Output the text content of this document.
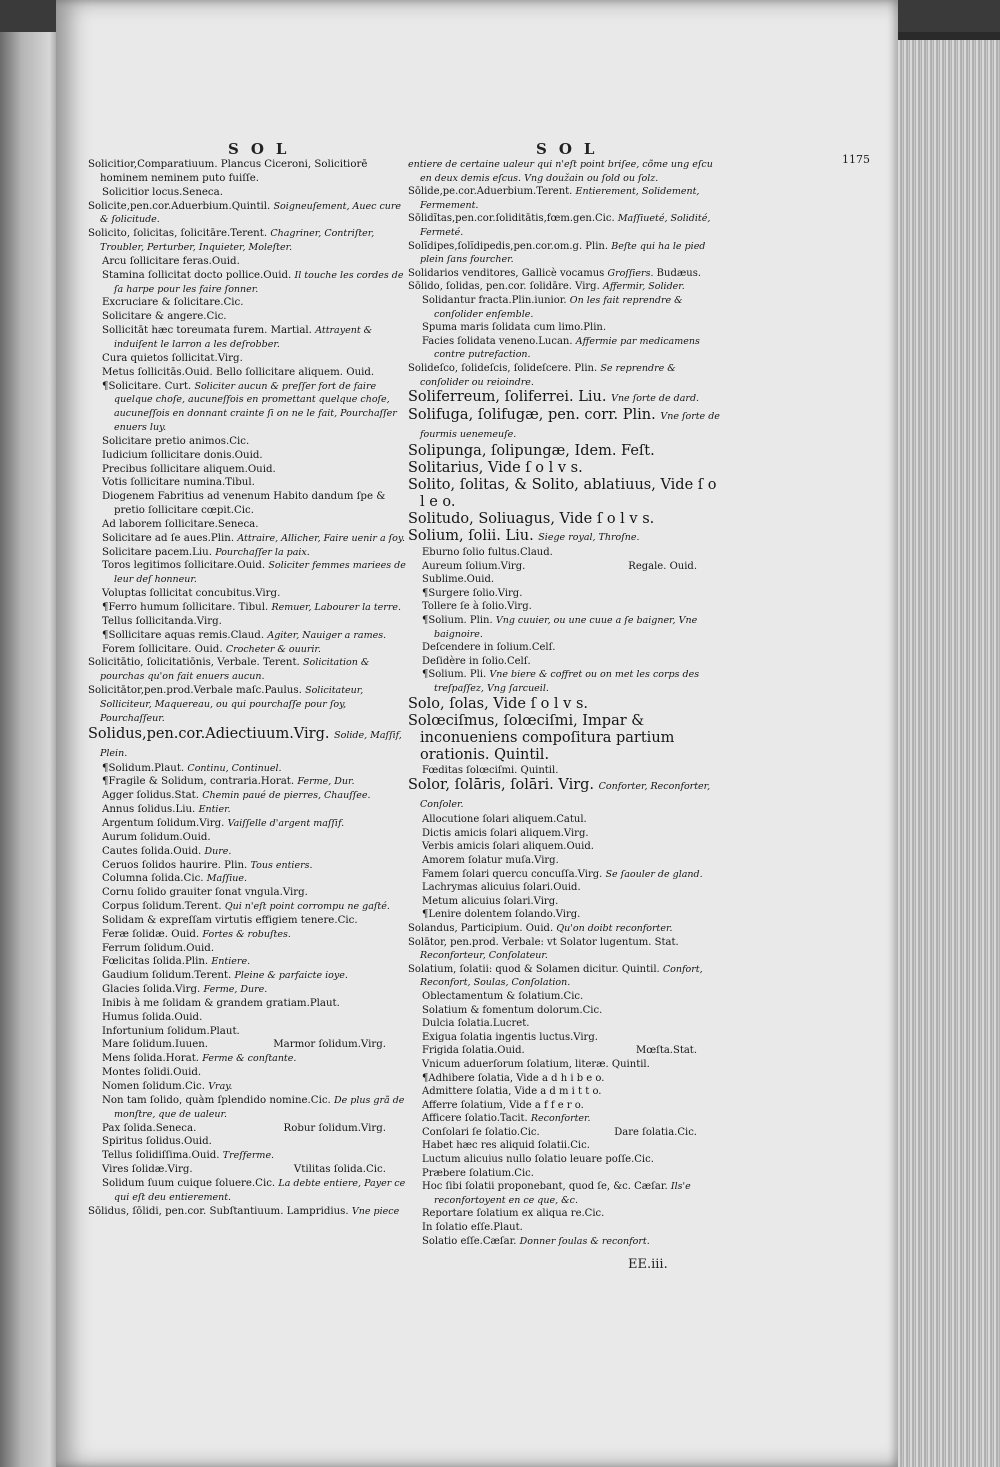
SOL	SOL
1175

Solicitior,Comparatiuum. Plancus Ciceroni, Solicitiorē hominem neminem puto fuiſſe.

Solicitior locus.Seneca.

Solicite,pen.cor.Aduerbium.Quintil. Soigneuſement, Auec cure & ſolicitude.

Solicito, ſolicitas, ſolicitāre.Terent. Chagriner, Contriſter, Troubler, Perturber, Inquieter, Moleſter.

Arcu ſollicitare feras.Ouid.

Stamina ſollicitat docto pollice.Ouid. Il touche les cordes de ſa harpe pour les faire ſonner.

Excruciare & ſolicitare.Cic.

Solicitare & angere.Cic.

Sollicitāt hæc toreumata furem. Martial. Attrayent & induiſent le larron a les deſrobber.

Cura quietos ſollicitat.Virg.

Metus ſollicitās.Ouid. Bello ſollicitare aliquem. Ouid.

¶Solicitare. Curt. Soliciter aucun & preſſer fort de faire quelque choſe, aucuneſfois en promettant quelque choſe, aucuneſſois en donnant crainte ſi on ne le fait, Pourchaſſer enuers luy.

Solicitare pretio animos.Cic.

Iudicium ſollicitare donis.Ouid.

Precibus ſollicitare aliquem.Ouid.

Votis ſollicitare numina.Tibul.

Diogenem Fabritius ad venenum Habito dandum ſpe & pretio ſollicitare cœpit.Cic.

Ad laborem ſollicitare.Seneca.

Solicitare ad ſe aues.Plin. Attraire, Allicher, Faire uenir a ſoy.

Solicitare pacem.Liu. Pourchaſſer la paix.

Toros legitimos ſollicitare.Ouid. Soliciter femmes mariees de leur deſ honneur.

Voluptas ſollicitat concubitus.Virg.

¶Ferro humum ſollicitare. Tibul. Remuer, Labourer la terre.

Tellus ſollicitanda.Virg.

¶Sollicitare aquas remis.Claud. Agiter, Nauiger a rames.

Forem ſollicitare. Ouid. Crocheter & ouurir.

Solicitātio, ſolicitatiōnis, Verbale. Terent. Solicitation & pourchas qu'on fait enuers aucun.

Solicitātor,pen.prod.Verbale maſc.Paulus. Solicitateur, Solliciteur, Maquereau, ou qui pourchaſſe pour ſoy, Pourchaſſeur.

Solidus,pen.cor.Adiectiuum.Virg. Solide, Maſſif, Plein.

¶Solidum.Plaut. Continu, Continuel.

¶Fragile & Solidum, contraria.Horat. Ferme, Dur.

Agger ſolidus.Stat. Chemin paué de pierres, Chauſſee.

Annus ſolidus.Liu. Entier.

Argentum ſolidum.Virg. Vaiſſelle d'argent maſſif.

Aurum ſolidum.Ouid.

Cautes ſolida.Ouid. Dure.

Ceruos ſolidos haurire. Plin. Tous entiers.

Columna ſolida.Cic. Maſſiue.

Cornu ſolido grauiter ſonat vngula.Virg.

Corpus ſolidum.Terent. Qui n'eſt point corrompu ne gaſté.

Solidam & expreſſam virtutis effigiem tenere.Cic.

Feræ ſolidæ. Ouid. Fortes & robuſtes.

Ferrum ſolidum.Ouid.

Fœlicitas ſolida.Plin. Entiere.

Gaudium ſolidum.Terent. Pleine & parfaicte ioye.

Glacies ſolida.Virg. Ferme, Dure.

Inibis à me ſolidam & grandem gratiam.Plaut.

Humus ſolida.Ouid.

Infortunium ſolidum.Plaut.

Mare ſolidum.Iuuen.	Marmor ſolidum.Virg.

Mens ſolida.Horat. Ferme & conſtante.

Montes ſolidi.Ouid.

Nomen ſolidum.Cic. Vray.

Non tam ſolido, quàm ſplendido nomine.Cic. De plus grã de monſtre, que de ualeur.

Pax ſolida.Seneca.	Robur ſolidum.Virg.

Spiritus ſolidus.Ouid.

Tellus ſolidiſſima.Ouid. Treſferme.

Vires ſolidæ.Virg.	Vtilitas ſolida.Cic.

Solidum ſuum cuique ſoluere.Cic. La debte entiere, Payer ce qui eſt deu entierement.

Sōlidus, ſōlidi, pen.cor. Subſtantiuum. Lampridius. Vne piece

entiere de certaine ualeur qui n'eſt point briſee, cõme ung eſcu en deux demis eſcus. Vng doužain ou ſold ou ſolz.

Sōlide,pe.cor.Aduerbium.Terent. Entierement, Solidement, Fermement.

Sōlidĭtas,pen.cor.ſoliditātis,fœm.gen.Cic. Maſſiueté, Solidité, Fermeté.

Solĭdipes,ſolĭdipedis,pen.cor.om.g. Plin. Beſte qui ha le pied plein ſans fourcher.

Solidarios venditores, Gallicè vocamus Groſſiers. Budæus.

Sōlido, ſolidas, pen.cor. ſolidāre. Virg. Affermir, Solider.

Solidantur fracta.Plin.iunior. On les fait reprendre & conſolider enſemble.

Spuma maris ſolidata cum limo.Plin.

Facies ſolidata veneno.Lucan. Affermie par medicamens contre putrefaction.

Solideſco, ſolideſcis, ſolideſcere. Plin. Se reprendre & conſolider ou reioindre.

Soliferreum, ſoliferrei. Liu. Vne ſorte de dard.

Solifuga, ſolifugæ, pen. corr. Plin. Vne ſorte de fourmis uenemeuſe.

Solipunga, ſolipungæ, Idem. Feſt.

Solitarius, Vide ſ o l v s.

Solito, ſolitas, & Solito, ablatiuus, Vide ſ o l e o.

Solitudo, Soliuagus, Vide ſ o l v s.

Solium, ſolii. Liu. Siege royal, Throſne.

Eburno ſolio fultus.Claud.

Aureum ſolium.Virg.	Regale. Ouid.

Sublime.Ouid.

¶Surgere ſolio.Virg.

Tollere ſe à ſolio.Virg.

¶Solium. Plin. Vng cuuier, ou une cuue a ſe baigner, Vne baignoire.

Deſcendere in ſolium.Celſ.

Deſidère in ſolio.Celſ.

¶Solium. Pli. Vne biere & coffret ou on met les corps des treſpaſſez, Vng ſarcueil.

Solo, ſolas, Vide ſ o l v s.

Solœciſmus, ſolœciſmi, Impar & inconueniens compoſitura partium orationis. Quintil.

Fœditas ſolœciſmi. Quintil.

Solor, ſolāris, ſolāri. Virg. Conforter, Reconforter, Conſoler.

Allocutione ſolari aliquem.Catul.

Dictis amicis ſolari aliquem.Virg.

Verbis amicis ſolari aliquem.Ouid.

Amorem ſolatur muſa.Virg.

Famem ſolari quercu concuſſa.Virg. Se ſaouler de gland.

Lachrymas alicuius ſolari.Ouid.

Metum alicuius ſolari.Virg.

¶Lenire dolentem ſolando.Virg.

Solandus, Participium. Ouid. Qu'on doibt reconforter.

Solātor, pen.prod. Verbale: vt Solator lugentum. Stat. Reconforteur, Conſolateur.

Solatium, ſolatii: quod & Solamen dicitur. Quintil. Confort, Reconfort, Soulas, Conſolation.

Oblectamentum & ſolatium.Cic.

Solatium & fomentum dolorum.Cic.

Dulcia ſolatia.Lucret.

Exigua ſolatia ingentis luctus.Virg.

Frigida ſolatia.Ouid.	Mœſta.Stat.

Vnicum aduerſorum ſolatium, literæ. Quintil.

¶Adhibere ſolatia, Vide a d h i b e o.

Admittere ſolatia, Vide a d m i t t o.

Afferre ſolatium, Vide a f f e r o.

Afficere ſolatio.Tacit. Reconforter.

Conſolari ſe ſolatio.Cic.	Dare ſolatia.Cic.

Habet hæc res aliquid ſolatii.Cic.

Luctum alicuius nullo ſolatio leuare poſſe.Cic.

Præbere ſolatium.Cic.

Hoc ſibi ſolatii proponebant, quod ſe, &c. Cæſar. Ils'e reconfortoyent en ce que, &c.

Reportare ſolatium ex aliqua re.Cic.

In ſolatio eſſe.Plaut.

Solatio eſſe.Cæſar. Donner ſoulas & reconfort.

EE.iii.
